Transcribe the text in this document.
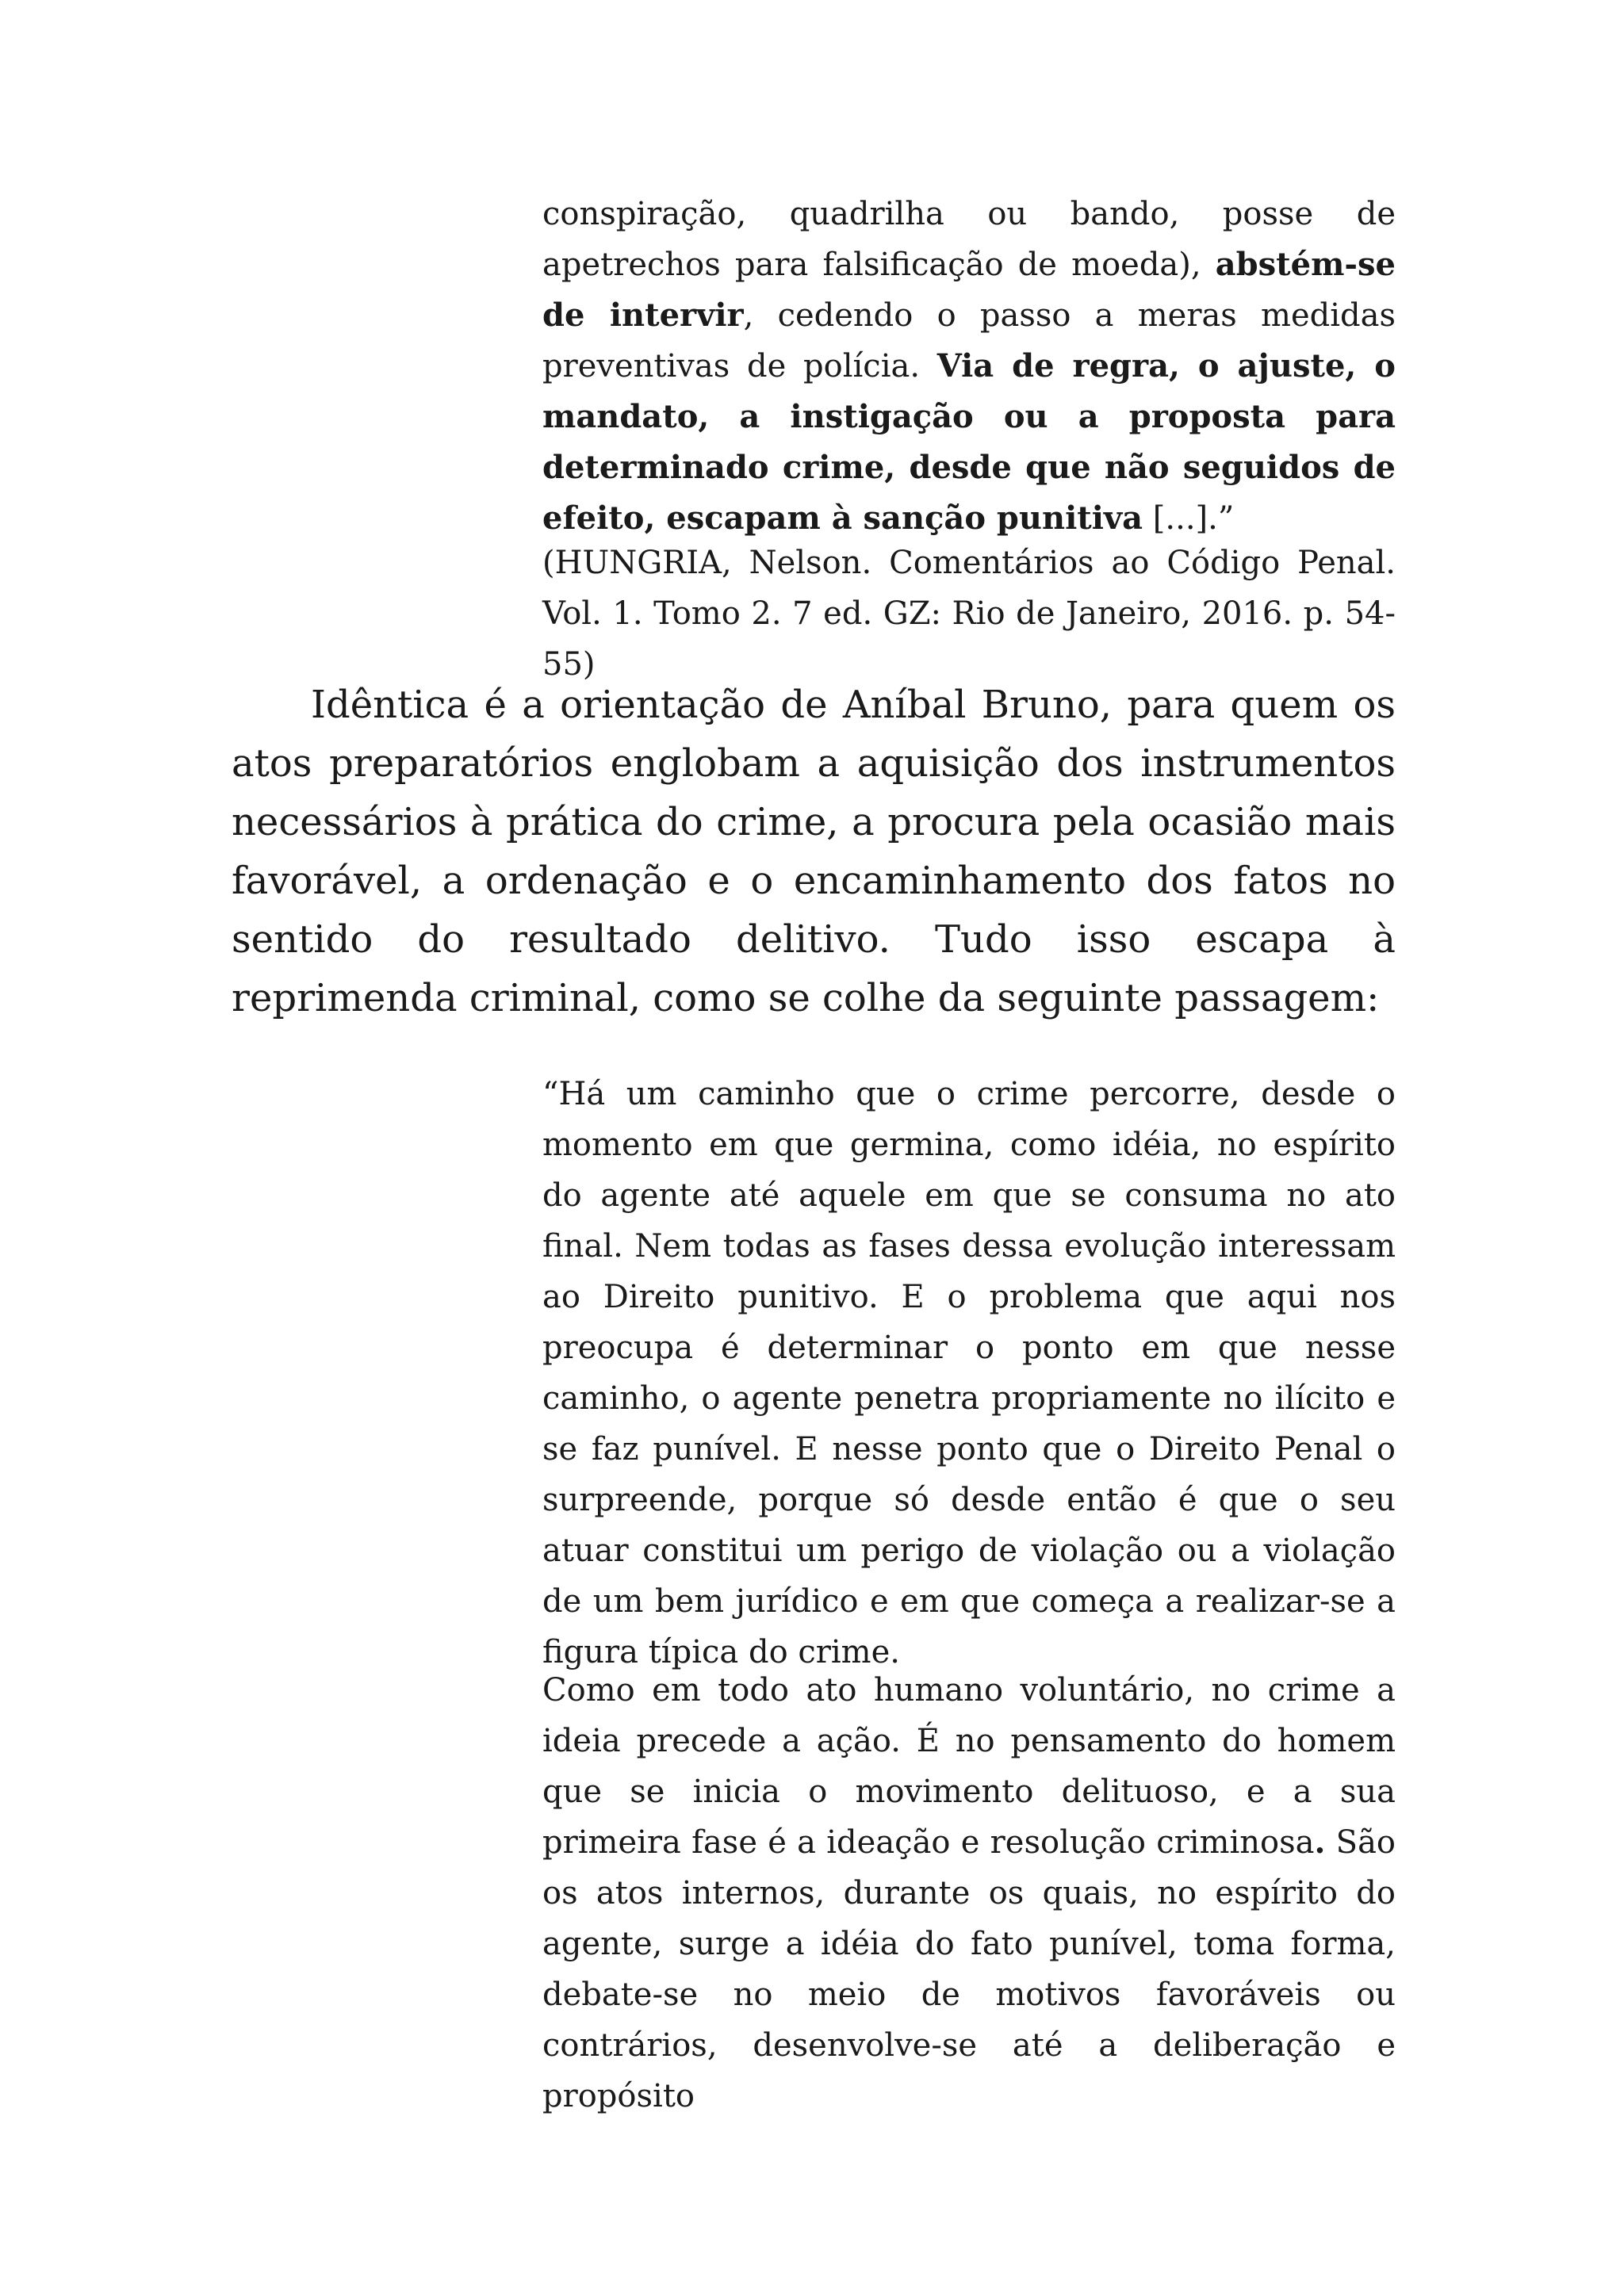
conspiração, quadrilha ou bando, posse de apetrechos para falsificação de moeda), abstém-se de intervir, cedendo o passo a meras medidas preventivas de polícia. Via de regra, o ajuste, o mandato, a instigação ou a proposta para determinado crime, desde que não seguidos de efeito, escapam à sanção punitiva [...].”

(HUNGRIA, Nelson. Comentários ao Código Penal. Vol. 1. Tomo 2. 7 ed. GZ: Rio de Janeiro, 2016. p. 54-55)

Idêntica é a orientação de Aníbal Bruno, para quem os atos preparatórios englobam a aquisição dos instrumentos necessários à prática do crime, a procura pela ocasião mais favorável, a ordenação e o encaminhamento dos fatos no sentido do resultado delitivo. Tudo isso escapa à reprimenda criminal, como se colhe da seguinte passagem:

“Há um caminho que o crime percorre, desde o momento em que germina, como idéia, no espírito do agente até aquele em que se consuma no ato final. Nem todas as fases dessa evolução interessam ao Direito punitivo. E o problema que aqui nos preocupa é determinar o ponto em que nesse caminho, o agente penetra propriamente no ilícito e se faz punível. E nesse ponto que o Direito Penal o surpreende, porque só desde então é que o seu atuar constitui um perigo de violação ou a violação de um bem jurídico e em que começa a realizar-se a figura típica do crime.

Como em todo ato humano voluntário, no crime a ideia precede a ação. É no pensamento do homem que se inicia o movimento delituoso, e a sua primeira fase é a ideação e resolução criminosa. São os atos internos, durante os quais, no espírito do agente, surge a idéia do fato punível, toma forma, debate-se no meio de motivos favoráveis ou contrários, desenvolve-se até a deliberação e propósito
